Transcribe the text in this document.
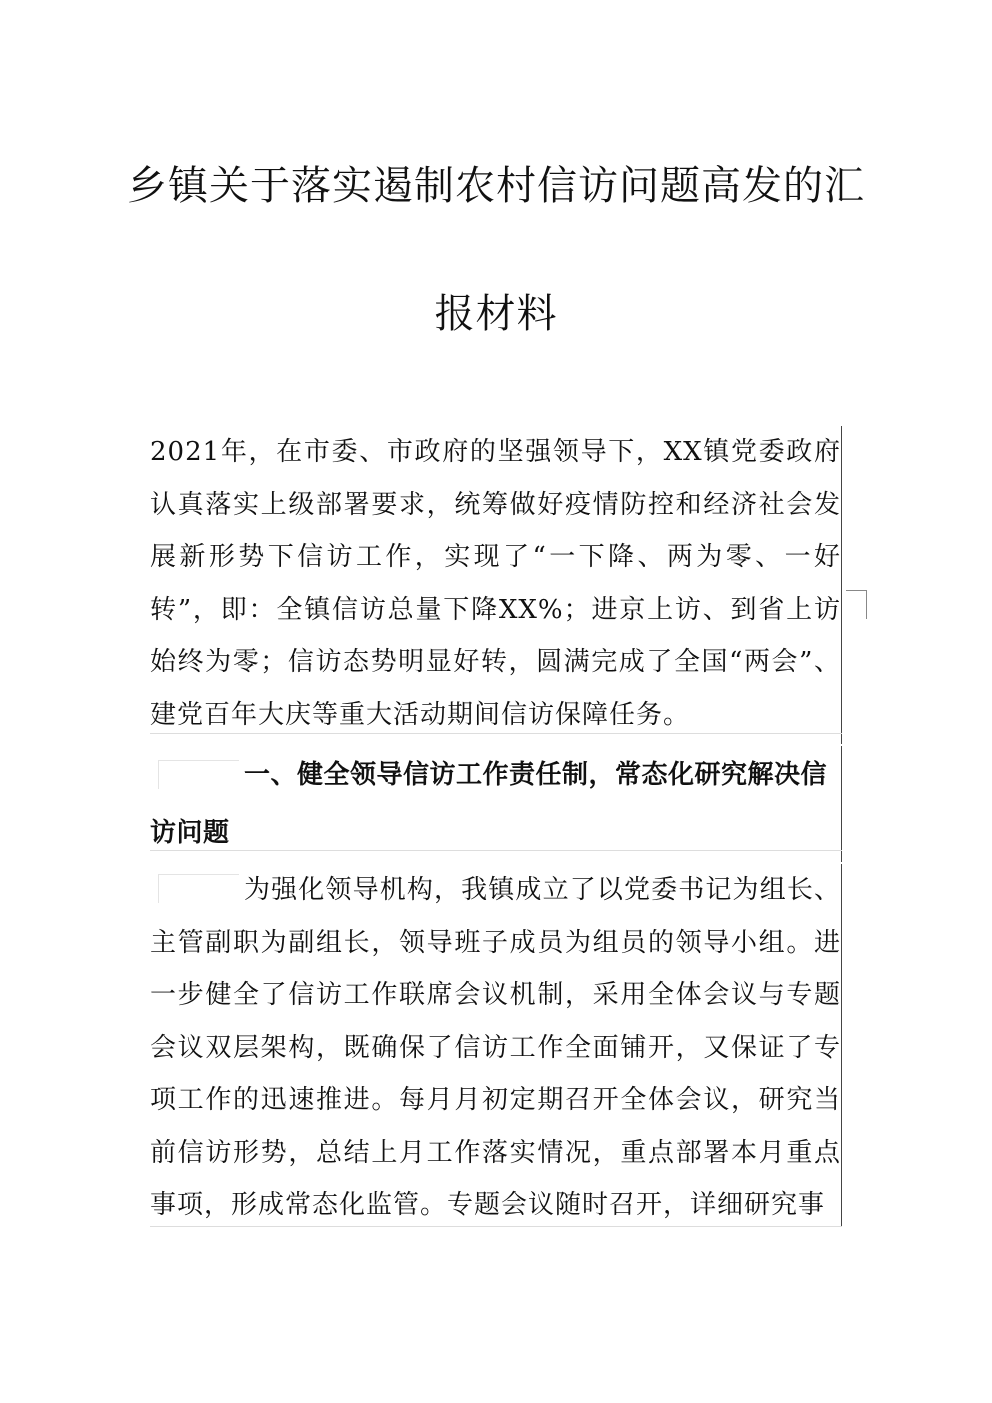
乡镇关于落实遏制农村信访问题高发的汇
报材料
2021年，在市委、市政府的坚强领导下，XX镇党委政府认真落实上级部署要求，统筹做好疫情防控和经济社会发展新形势下信访工作，实现了“一下降、两为零、一好转”，即：全镇信访总量下降XX%；进京上访、到省上访始终为零；信访态势明显好转，圆满完成了全国“两会”、建党百年大庆等重大活动期间信访保障任务。
一、健全领导信访工作责任制，常态化研究解决信访问题
为强化领导机构，我镇成立了以党委书记为组长、主管副职为副组长，领导班子成员为组员的领导小组。进一步健全了信访工作联席会议机制，采用全体会议与专题会议双层架构，既确保了信访工作全面铺开，又保证了专项工作的迅速推进。每月月初定期召开全体会议，研究当前信访形势，总结上月工作落实情况，重点部署本月重点事项，形成常态化监管。专题会议随时召开，详细研究事
